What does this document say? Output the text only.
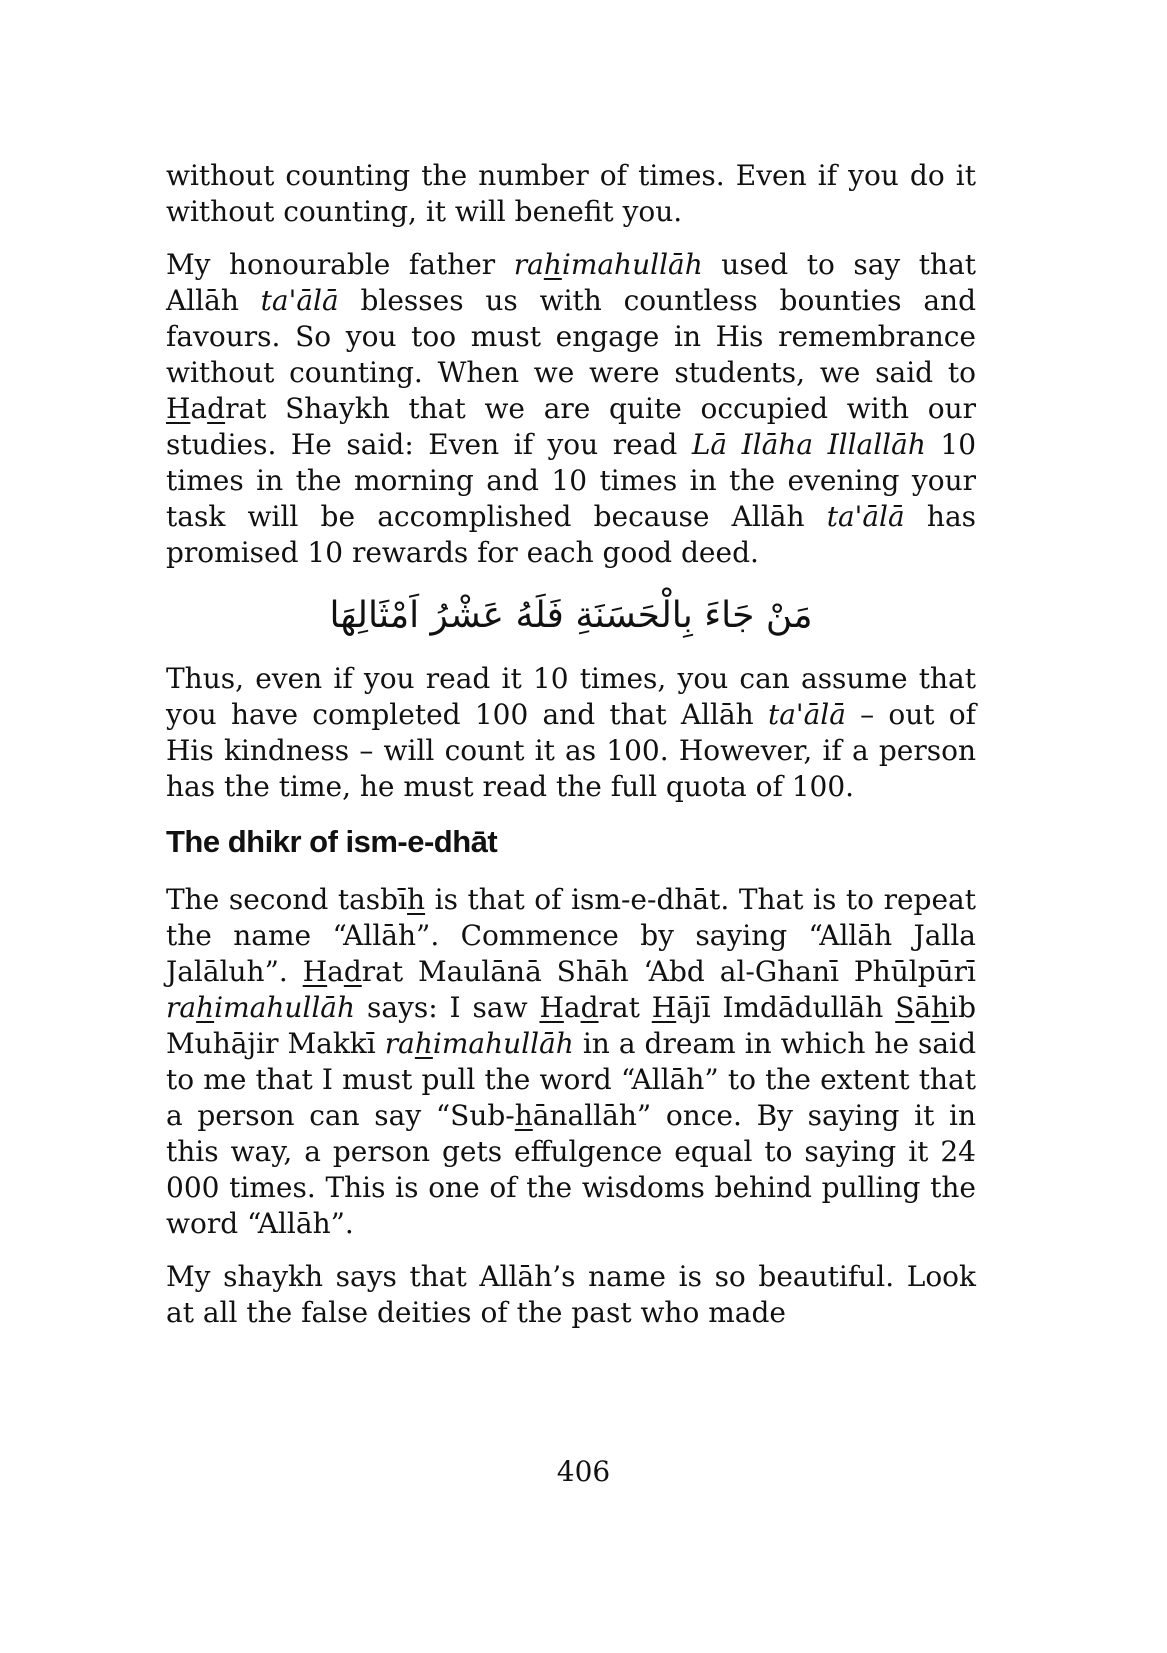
without counting the number of times. Even if you do it without counting, it will benefit you.

My honourable father rahimahullāh used to say that Allāh ta'ālā blesses us with countless bounties and favours. So you too must engage in His remembrance without counting. When we were students, we said to Hadrat Shaykh that we are quite occupied with our studies. He said: Even if you read Lā Ilāha Illallāh 10 times in the morning and 10 times in the evening your task will be accomplished because Allāh ta'ālā has promised 10 rewards for each good deed.

مَنْ جَاءَ بِالْحَسَنَةِ فَلَهُ عَشْرُ اَمْثَالِهَا

Thus, even if you read it 10 times, you can assume that you have completed 100 and that Allāh ta'ālā – out of His kindness – will count it as 100. However, if a person has the time, he must read the full quota of 100.

The dhikr of ism-e-dhāt

The second tasbīh is that of ism-e-dhāt. That is to repeat the name “Allāh”. Commence by saying “Allāh Jalla Jalāluh”. Hadrat Maulānā Shāh ‘Abd al-Ghanī Phūlpūrī rahimahullāh says: I saw Hadrat Hājī Imdādullāh Sāhib Muhājir Makkī rahimahullāh in a dream in which he said to me that I must pull the word “Allāh” to the extent that a person can say “Sub-hānallāh” once. By saying it in this way, a person gets effulgence equal to saying it 24 000 times. This is one of the wisdoms behind pulling the word “Allāh”.

My shaykh says that Allāh’s name is so beautiful. Look at all the false deities of the past who made

406
